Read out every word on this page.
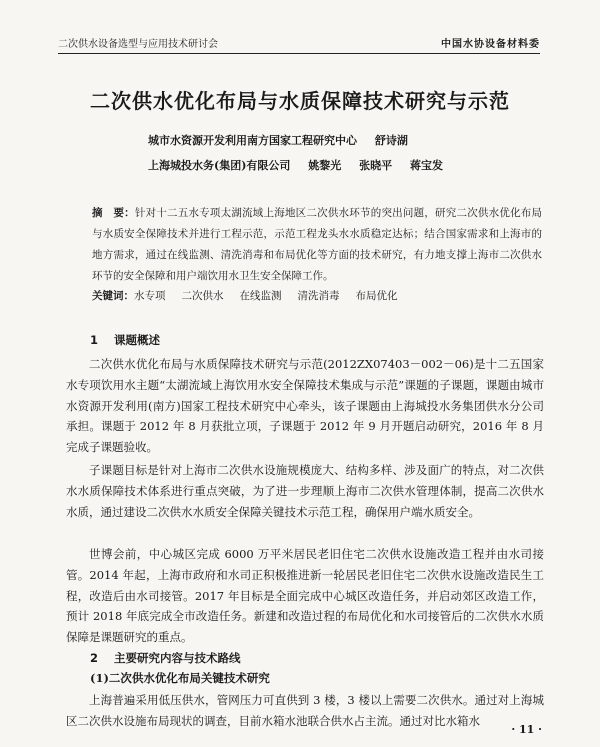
二次供水设备选型与应用技术研讨会	中国水协设备材料委
二次供水优化布局与水质保障技术研究与示范
城市水资源开发利用南方国家工程研究中心 舒诗湖
上海城投水务(集团)有限公司 姚黎光 张晓平 蒋宝发
摘　要：针对十二五水专项太湖流域上海地区二次供水环节的突出问题，研究二次供水优化布局与水质安全保障技术并进行工程示范，示范工程龙头水水质稳定达标；结合国家需求和上海市的地方需求，通过在线监测、清洗消毒和布局优化等方面的技术研究，有力地支撑上海市二次供水环节的安全保障和用户端饮用水卫生安全保障工作。
关键词：水专项 二次供水 在线监测 清洗消毒 布局优化
1 课题概述
二次供水优化布局与水质保障技术研究与示范(2012ZX07403－002－06)是十二五国家水专项饮用水主题“太湖流域上海饮用水安全保障技术集成与示范”课题的子课题，课题由城市水资源开发利用(南方)国家工程技术研究中心牵头，该子课题由上海城投水务集团供水分公司承担。课题于 2012 年 8 月获批立项，子课题于 2012 年 9 月开题启动研究，2016 年 8 月完成子课题验收。
子课题目标是针对上海市二次供水设施规模庞大、结构多样、涉及面广的特点，对二次供水水质保障技术体系进行重点突破，为了进一步理顺上海市二次供水管理体制，提高二次供水水质，通过建设二次供水水质安全保障关键技术示范工程，确保用户端水质安全。
世博会前，中心城区完成 6000 万平米居民老旧住宅二次供水设施改造工程并由水司接管。2014 年起，上海市政府和水司正积极推进新一轮居民老旧住宅二次供水设施改造民生工程，改造后由水司接管。2017 年目标是全面完成中心城区改造任务，并启动郊区改造工作，预计 2018 年底完成全市改造任务。新建和改造过程的布局优化和水司接管后的二次供水水质保障是课题研究的重点。
2 主要研究内容与技术路线
(1)二次供水优化布局关键技术研究
上海普遍采用低压供水，管网压力可直供到 3 楼，3 楼以上需要二次供水。通过对上海城区二次供水设施布局现状的调查，目前水箱水池联合供水占主流。通过对比水箱水
· 11 ·
